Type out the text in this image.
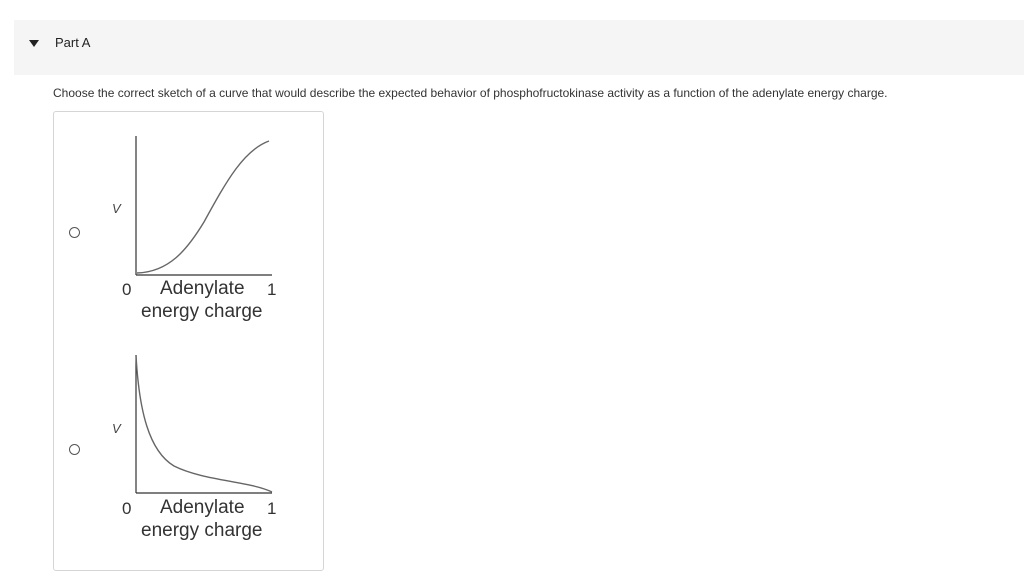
Part A
Choose the correct sketch of a curve that would describe the expected behavior of phosphofructokinase activity as a function of the adenylate energy charge.
V
0	1
Adenylate
energy charge
V
0	1
Adenylate
energy charge
